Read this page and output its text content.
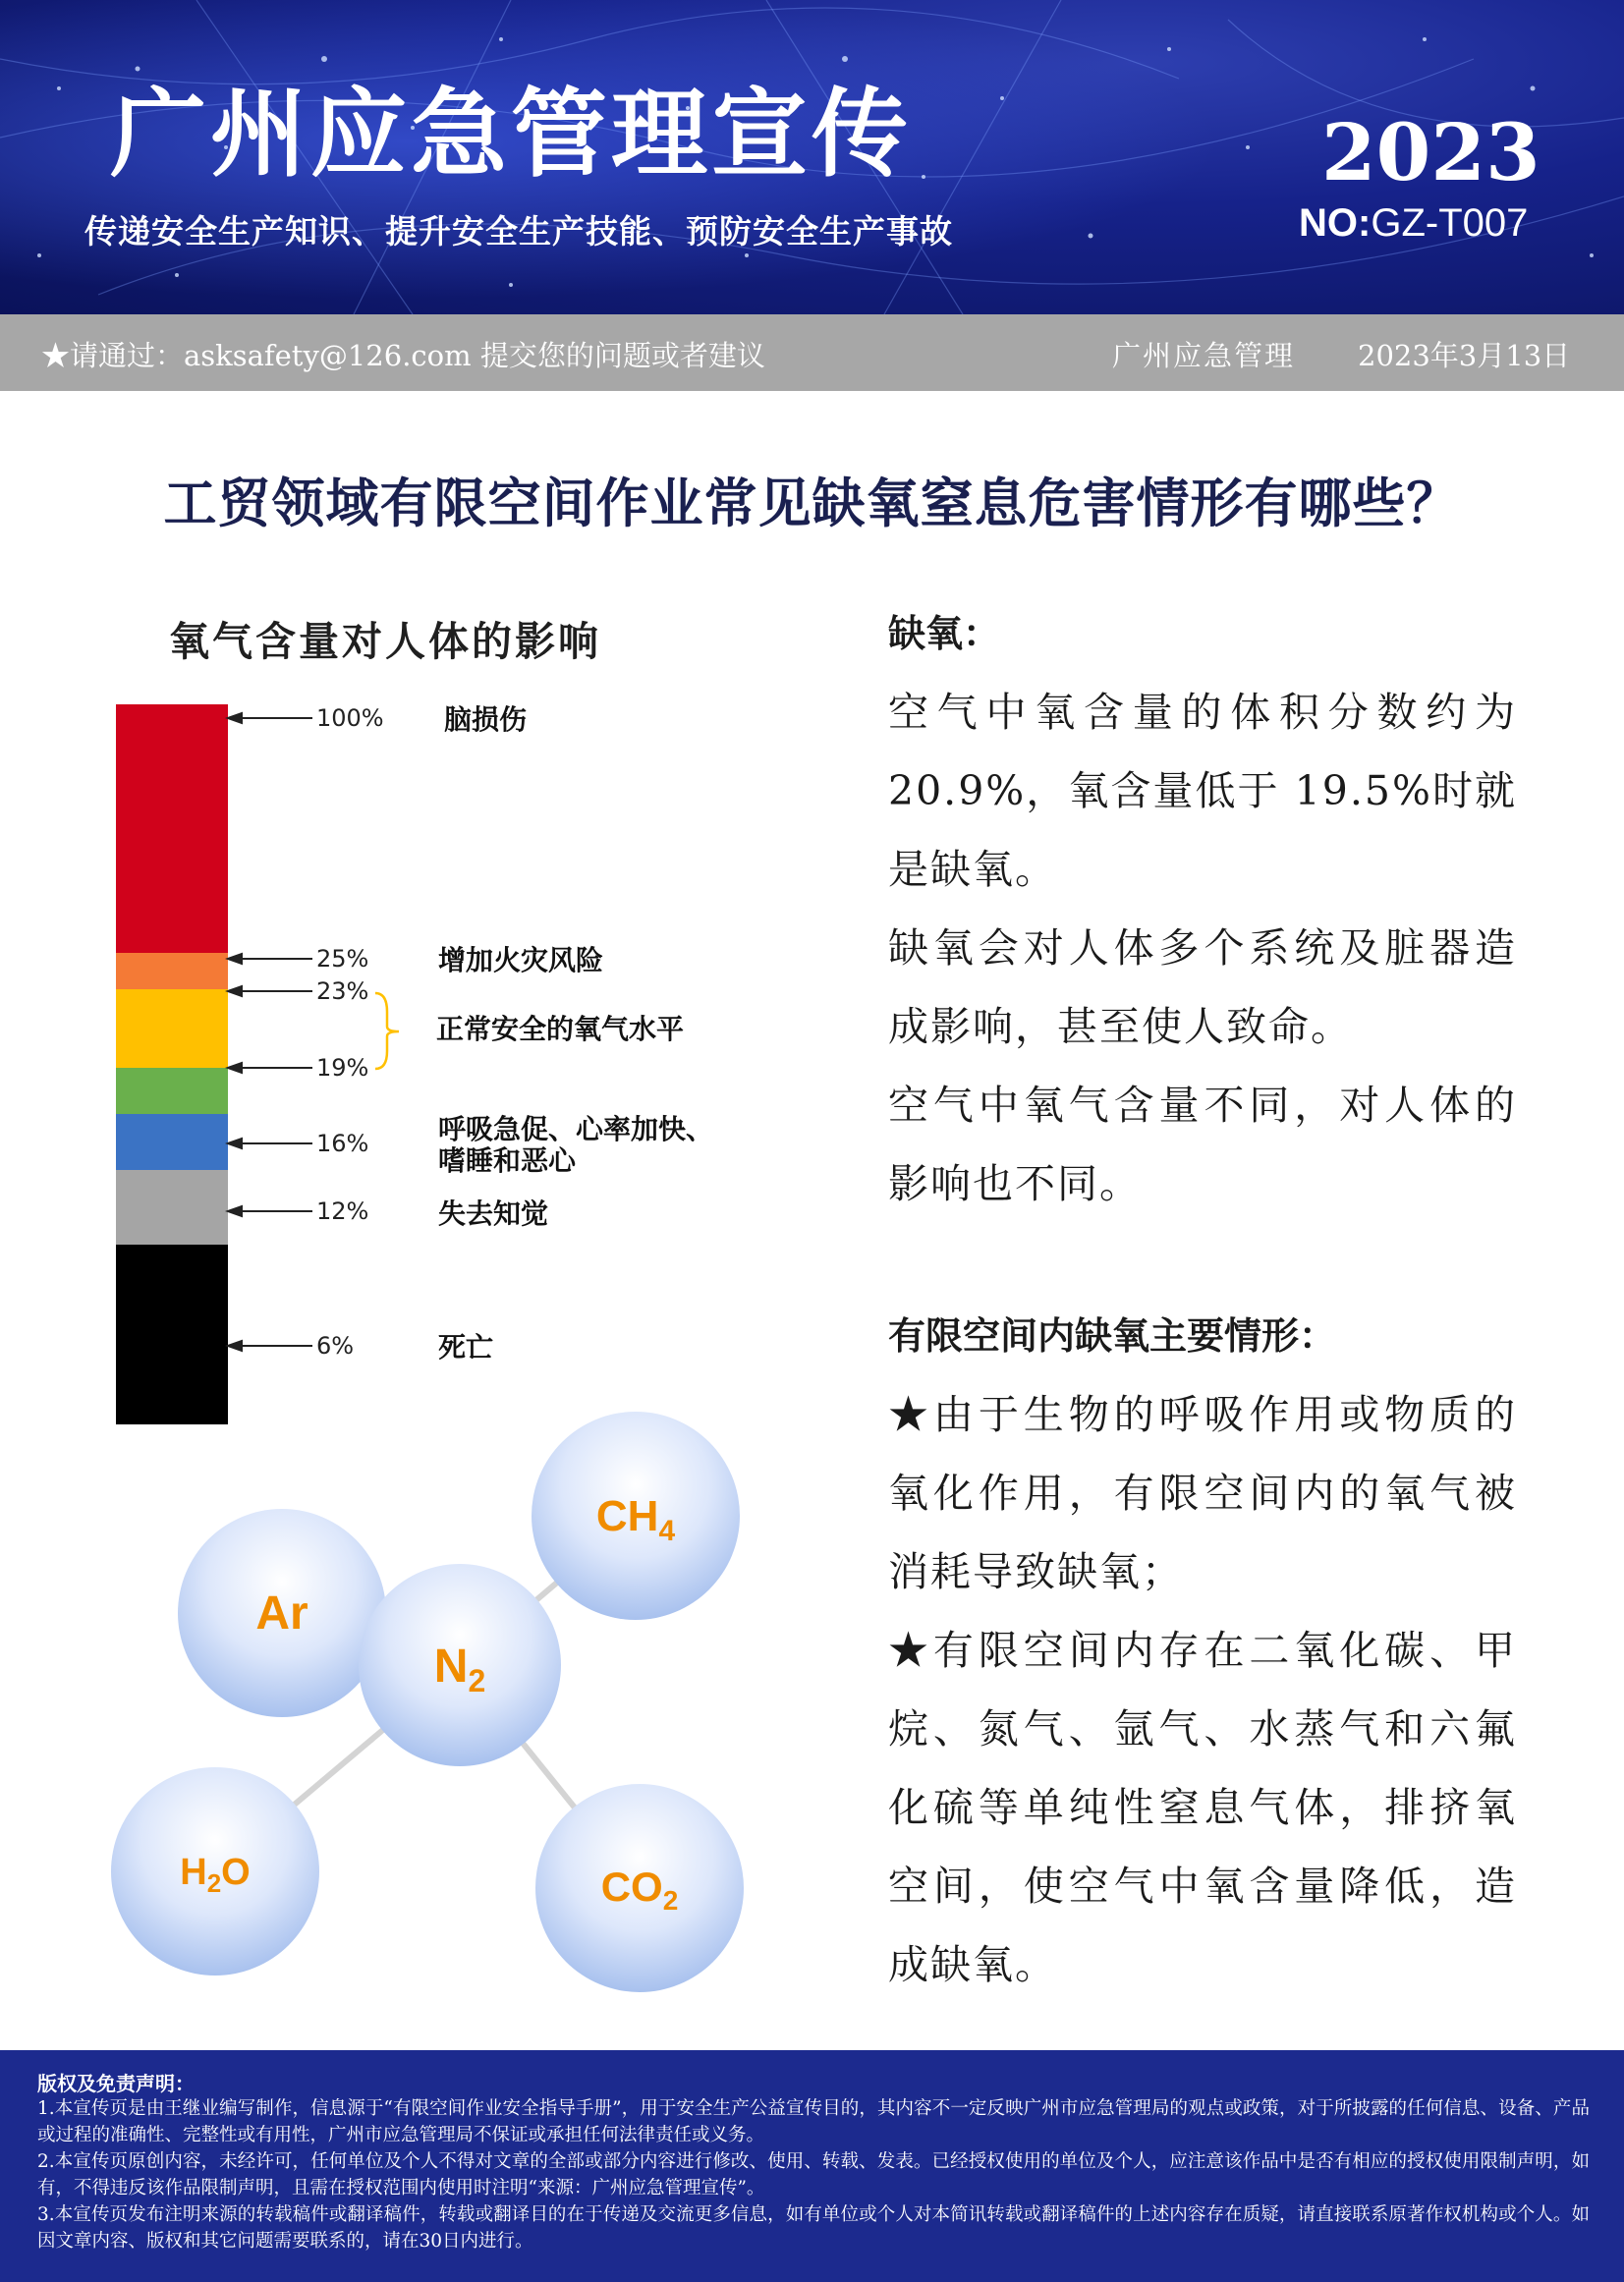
广州应急管理宣传
传递安全生产知识、提升安全生产技能、预防安全生产事故
2023
NO:GZ-T007
★请通过：asksafety@126.com 提交您的问题或者建议	广州应急管理 2023年3月13日
工贸领域有限空间作业常见缺氧窒息危害情形有哪些？
氧气含量对人体的影响
100%
25%
23%
19%
16%
12%
6%
脑损伤
增加火灾风险
正常安全的氧气水平
呼吸急促、心率加快、
嗜睡和恶心
失去知觉
死亡
Ar
$CH_4$
$N_2$
$H_2O$	$CO_2$
缺氧：

空气中氧含量的体积分数约为20.9%，氧含量低于 19.5%时就是缺氧。

缺氧会对人体多个系统及脏器造成影响，甚至使人致命。

空气中氧气含量不同，对人体的影响也不同。

有限空间内缺氧主要情形：

★由于生物的呼吸作用或物质的氧化作用，有限空间内的氧气被消耗导致缺氧；

★有限空间内存在二氧化碳、甲烷、氮气、氩气、水蒸气和六氟化硫等单纯性窒息气体，排挤氧空间，使空气中氧含量降低，造成缺氧。

版权及免责声明：
1.本宣传页是由王继业编写制作，信息源于“有限空间作业安全指导手册”，用于安全生产公益宣传目的，其内容不一定反映广州市应急管理局的观点或政策，对于所披露的任何信息、设备、产品或过程的准确性、完整性或有用性，广州市应急管理局不保证或承担任何法律责任或义务。
2.本宣传页原创内容，未经许可，任何单位及个人不得对文章的全部或部分内容进行修改、使用、转载、发表。已经授权使用的单位及个人，应注意该作品中是否有相应的授权使用限制声明，如有，不得违反该作品限制声明，且需在授权范围内使用时注明“来源：广州应急管理宣传”。
3.本宣传页发布注明来源的转载稿件或翻译稿件，转载或翻译目的在于传递及交流更多信息，如有单位或个人对本简讯转载或翻译稿件的上述内容存在质疑，请直接联系原著作权机构或个人。如因文章内容、版权和其它问题需要联系的，请在30日内进行。
